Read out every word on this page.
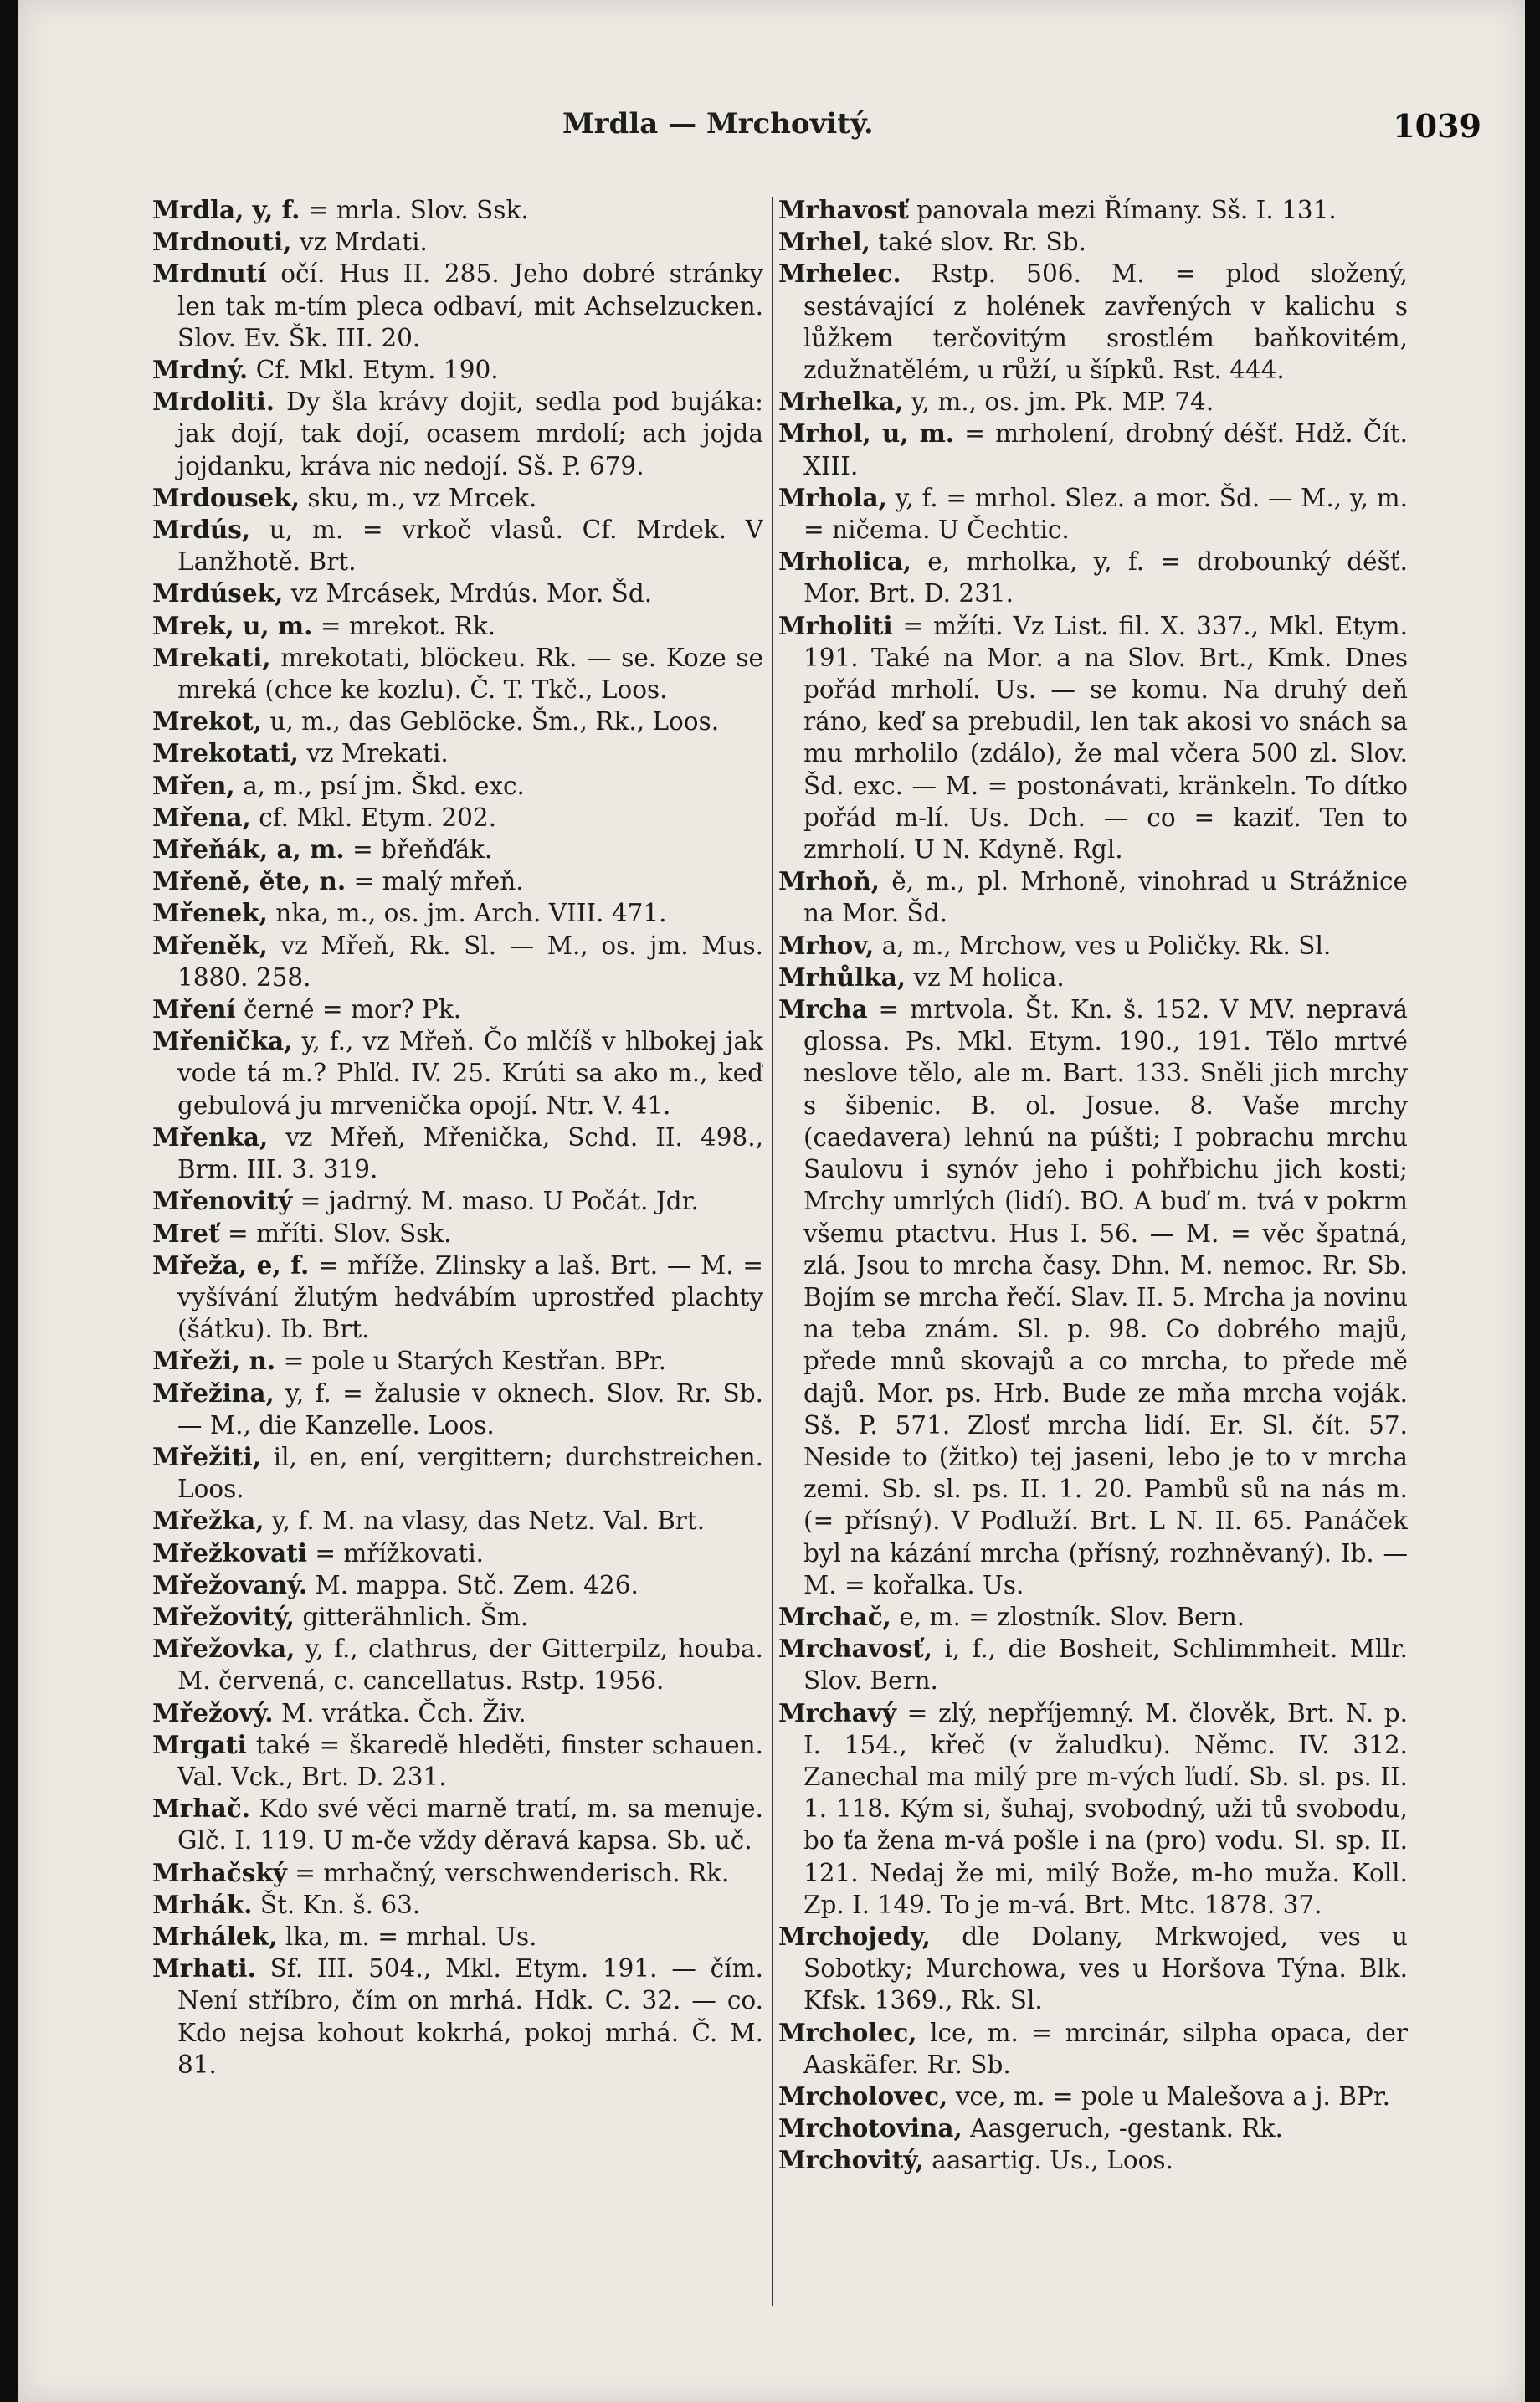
Mrdla — Mrchovitý.	1039

Mrdla, y, f. = mrla. Slov. Ssk.

Mrdnouti, vz Mrdati.

Mrdnutí očí. Hus II. 285. Jeho dobré stránky len tak m-tím pleca odbaví, mit Achselzucken. Slov. Ev. Šk. III. 20.

Mrdný. Cf. Mkl. Etym. 190.

Mrdoliti. Dy šla krávy dojit, sedla pod bujáka: jak dojí, tak dojí, ocasem mrdolí; ach jojda jojdanku, kráva nic nedojí. Sš. P. 679.

Mrdousek, sku, m., vz Mrcek.

Mrdús, u, m. = vrkoč vlasů. Cf. Mrdek. V Lanžhotě. Brt.

Mrdúsek, vz Mrcásek, Mrdús. Mor. Šd.

Mrek, u, m. = mrekot. Rk.

Mrekati, mrekotati, blöckeu. Rk. — se. Koze se mreká (chce ke kozlu). Č. T. Tkč., Loos.

Mrekot, u, m., das Geblöcke. Šm., Rk., Loos.

Mrekotati, vz Mrekati.

Mřen, a, m., psí jm. Škd. exc.

Mřena, cf. Mkl. Etym. 202.

Mřeňák, a, m. = břeňďák.

Mřeně, ěte, n. = malý mřeň.

Mřenek, nka, m., os. jm. Arch. VIII. 471.

Mřeněk, vz Mřeň, Rk. Sl. — M., os. jm. Mus. 1880. 258.

Mření černé = mor? Pk.

Mřenička, y, f., vz Mřeň. Čo mlčíš v hlbokej jak vode tá m.? Phľd. IV. 25. Krúti sa ako m., keď gebulová ju mrvenička opojí. Ntr. V. 41.

Mřenka, vz Mřeň, Mřenička, Schd. II. 498., Brm. III. 3. 319.

Mřenovitý = jadrný. M. maso. U Počát. Jdr.

Mreť = mříti. Slov. Ssk.

Mřeža, e, f. = mříže. Zlinsky a laš. Brt. — M. = vyšívání žlutým hedvábím uprostřed plachty (šátku). Ib. Brt.

Mřeži, n. = pole u Starých Kestřan. BPr.

Mřežina, y, f. = žalusie v oknech. Slov. Rr. Sb. — M., die Kanzelle. Loos.

Mřežiti, il, en, ení, vergittern; durchstreichen. Loos.

Mřežka, y, f. M. na vlasy, das Netz. Val. Brt.

Mřežkovati = mřížkovati.

Mřežovaný. M. mappa. Stč. Zem. 426.

Mřežovitý, gitterähnlich. Šm.

Mřežovka, y, f., clathrus, der Gitterpilz, houba. M. červená, c. cancellatus. Rstp. 1956.

Mřežový. M. vrátka. Čch. Živ.

Mrgati také = škaredě hleděti, finster schauen. Val. Vck., Brt. D. 231.

Mrhač. Kdo své věci marně tratí, m. sa menuje. Glč. I. 119. U m-če vždy děravá kapsa. Sb. uč.

Mrhačský = mrhačný, verschwenderisch. Rk.

Mrhák. Št. Kn. š. 63.

Mrhálek, lka, m. = mrhal. Us.

Mrhati. Sf. III. 504., Mkl. Etym. 191. — čím. Není stříbro, čím on mrhá. Hdk. C. 32. — co. Kdo nejsa kohout kokrhá, pokoj mrhá. Č. M. 81.

Mrhavosť panovala mezi Římany. Sš. I. 131.

Mrhel, také slov. Rr. Sb.

Mrhelec. Rstp. 506. M. = plod složený, sestávající z holének zavřených v kalichu s lůžkem terčovitým srostlém baňkovitém, zdužnatělém, u růží, u šípků. Rst. 444.

Mrhelka, y, m., os. jm. Pk. MP. 74.

Mrhol, u, m. = mrholení, drobný déšť. Hdž. Čít. XIII.

Mrhola, y, f. = mrhol. Slez. a mor. Šd. — M., y, m. = ničema. U Čechtic.

Mrholica, e, mrholka, y, f. = drobounký déšť. Mor. Brt. D. 231.

Mrholiti = mžíti. Vz List. fil. X. 337., Mkl. Etym. 191. Také na Mor. a na Slov. Brt., Kmk. Dnes pořád mrholí. Us. — se komu. Na druhý deň ráno, keď sa prebudil, len tak akosi vo snách sa mu mrholilo (zdálo), že mal včera 500 zl. Slov. Šd. exc. — M. = postonávati, kränkeln. To dítko pořád m-lí. Us. Dch. — co = kaziť. Ten to zmrholí. U N. Kdyně. Rgl.

Mrhoň, ě, m., pl. Mrhoně, vinohrad u Strážnice na Mor. Šd.

Mrhov, a, m., Mrchow, ves u Poličky. Rk. Sl.

Mrhůlka, vz M holica.

Mrcha = mrtvola. Št. Kn. š. 152. V MV. nepravá glossa. Ps. Mkl. Etym. 190., 191. Tělo mrtvé neslove tělo, ale m. Bart. 133. Sněli jich mrchy s šibenic. B. ol. Josue. 8. Vaše mrchy (caedavera) lehnú na púšti; I pobrachu mrchu Saulovu i synóv jeho i pohřbichu jich kosti; Mrchy umrlých (lidí). BO. A buď m. tvá v pokrm všemu ptactvu. Hus I. 56. — M. = věc špatná, zlá. Jsou to mrcha časy. Dhn. M. nemoc. Rr. Sb. Bojím se mrcha řečí. Slav. II. 5. Mrcha ja novinu na teba znám. Sl. p. 98. Co dobrého majů, přede mnů skovajů a co mrcha, to přede mě dajů. Mor. ps. Hrb. Bude ze mňa mrcha voják. Sš. P. 571. Zlosť mrcha lidí. Er. Sl. čít. 57. Neside to (žitko) tej jaseni, lebo je to v mrcha zemi. Sb. sl. ps. II. 1. 20. Pambů sů na nás m. (= přísný). V Podluží. Brt. L N. II. 65. Panáček byl na kázání mrcha (přísný, rozhněvaný). Ib. — M. = kořalka. Us.

Mrchač, e, m. = zlostník. Slov. Bern.

Mrchavosť, i, f., die Bosheit, Schlimmheit. Mllr. Slov. Bern.

Mrchavý = zlý, nepříjemný. M. člověk, Brt. N. p. I. 154., křeč (v žaludku). Němc. IV. 312. Zanechal ma milý pre m-vých ľudí. Sb. sl. ps. II. 1. 118. Kým si, šuhaj, svobodný, uži tů svobodu, bo ťa žena m-vá pošle i na (pro) vodu. Sl. sp. II. 121. Nedaj že mi, milý Bože, m-ho muža. Koll. Zp. I. 149. To je m-vá. Brt. Mtc. 1878. 37.

Mrchojedy, dle Dolany, Mrkwojed, ves u Sobotky; Murchowa, ves u Horšova Týna. Blk. Kfsk. 1369., Rk. Sl.

Mrcholec, lce, m. = mrcinár, silpha opaca, der Aaskäfer. Rr. Sb.

Mrcholovec, vce, m. = pole u Malešova a j. BPr.

Mrchotovina, Aasgeruch, -gestank. Rk.

Mrchovitý, aasartig. Us., Loos.
